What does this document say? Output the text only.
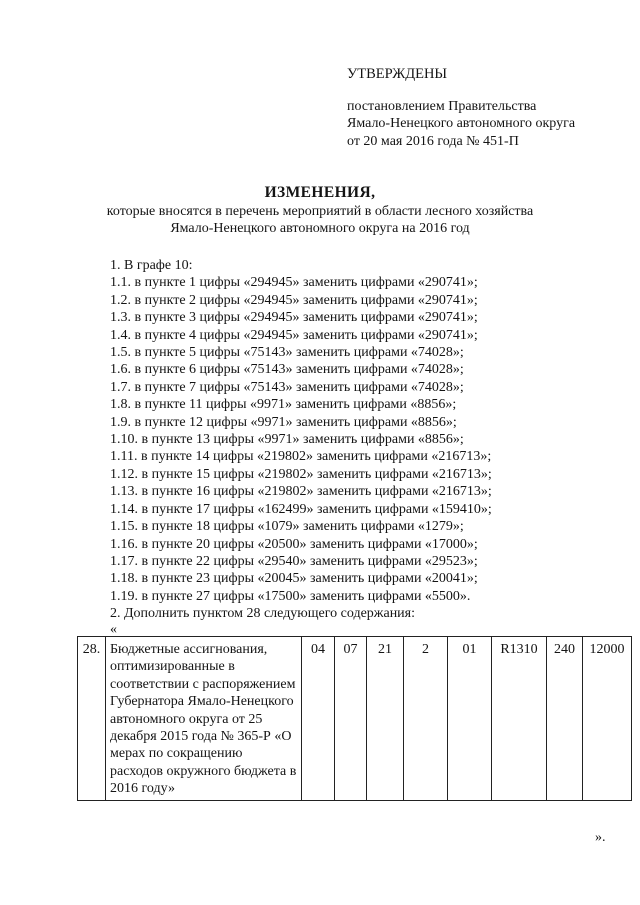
УТВЕРЖДЕНЫ
постановлением Правительства
Ямало-Ненецкого автономного округа
от 20 мая 2016 года № 451-П
ИЗМЕНЕНИЯ,
которые вносятся в перечень мероприятий в области лесного хозяйства
Ямало-Ненецкого автономного округа на 2016 год
1. В графе 10:
1.1. в пункте 1 цифры «294945» заменить цифрами «290741»;
1.2. в пункте 2 цифры «294945» заменить цифрами «290741»;
1.3. в пункте 3 цифры «294945» заменить цифрами «290741»;
1.4. в пункте 4 цифры «294945» заменить цифрами «290741»;
1.5. в пункте 5 цифры «75143» заменить цифрами «74028»;
1.6. в пункте 6 цифры «75143» заменить цифрами «74028»;
1.7. в пункте 7 цифры «75143» заменить цифрами «74028»;
1.8. в пункте 11 цифры «9971» заменить цифрами «8856»;
1.9. в пункте 12 цифры «9971» заменить цифрами «8856»;
1.10. в пункте 13 цифры «9971» заменить цифрами «8856»;
1.11. в пункте 14 цифры «219802» заменить цифрами «216713»;
1.12. в пункте 15 цифры «219802» заменить цифрами «216713»;
1.13. в пункте 16 цифры «219802» заменить цифрами «216713»;
1.14. в пункте 17 цифры «162499» заменить цифрами «159410»;
1.15. в пункте 18 цифры «1079» заменить цифрами «1279»;
1.16. в пункте 20 цифры «20500» заменить цифрами «17000»;
1.17. в пункте 22 цифры «29540» заменить цифрами «29523»;
1.18. в пункте 23 цифры «20045» заменить цифрами «20041»;
1.19. в пункте 27 цифры «17500» заменить цифрами «5500».
2. Дополнить пунктом 28 следующего содержания:
«
28.	Бюджетные ассигнования, оптимизированные в соответствии с распоряжением Губернатора Ямало-Ненецкого автономного округа от 25 декабря 2015 года № 365-Р «О мерах по сокращению расходов окружного бюджета в 2016 году»	04	07	21	2	01	R1310	240	12000
».
